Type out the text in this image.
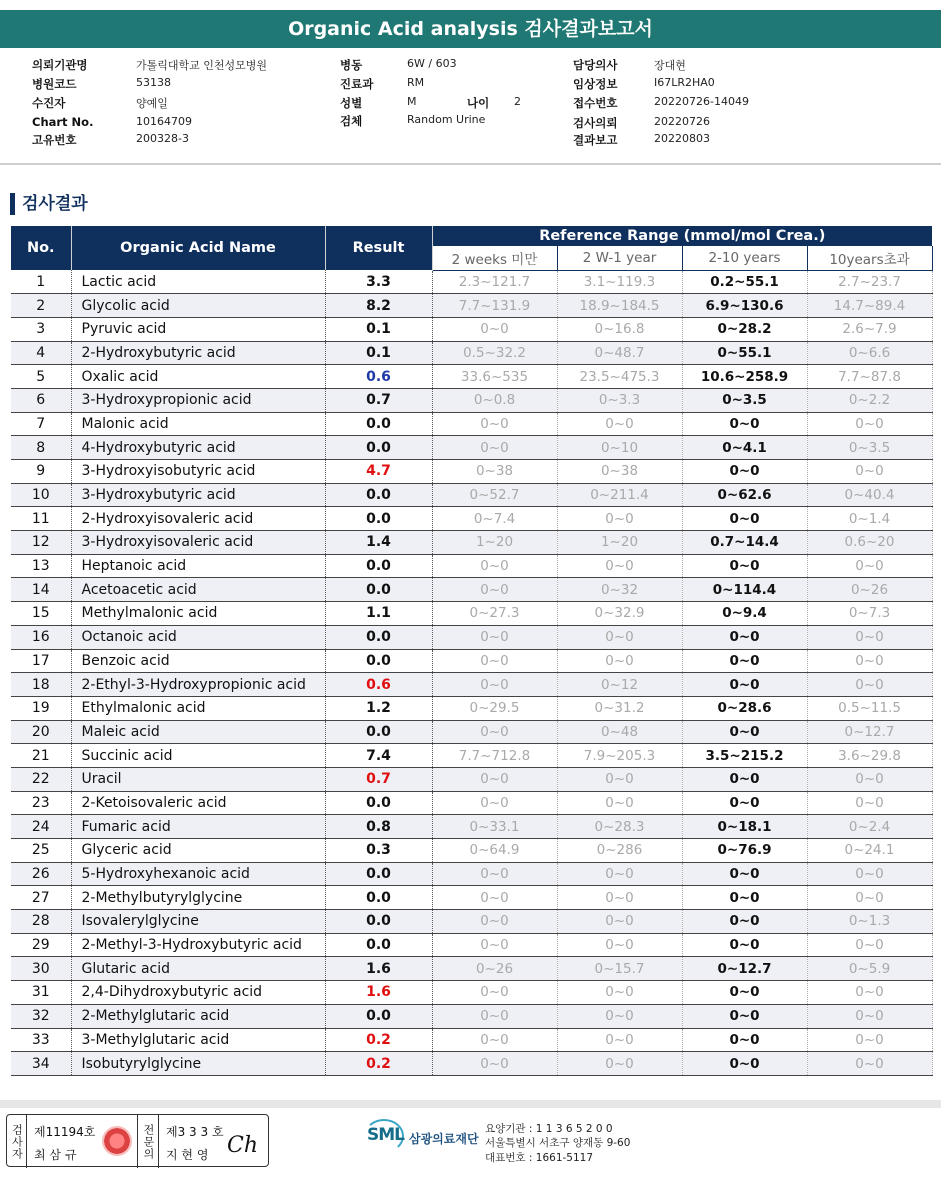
Organic Acid analysis 검사결과보고서
의뢰기관명	가톨릭대학교 인천성모병원	병동	6W / 603	담당의사	장대현
병원코드	53138	진료과	RM	임상정보	I67LR2HA0
수진자	양예일	성별	M	나이 2	접수번호	20220726-14049
Chart No.	10164709	검체	Random Urine	검사의뢰	20220726
고유번호	200328-3	결과보고	20220803
검사결과
No.	Organic Acid Name	Result	Reference Range (mmol/mol Crea.)			
			2 weeks 미만	2 W-1 year	2-10 years	10years초과
1	Lactic acid	3.3	2.3~121.7	3.1~119.3	0.2~55.1	2.7~23.7
2	Glycolic acid	8.2	7.7~131.9	18.9~184.5	6.9~130.6	14.7~89.4
3	Pyruvic acid	0.1	0~0	0~16.8	0~28.2	2.6~7.9
4	2-Hydroxybutyric acid	0.1	0.5~32.2	0~48.7	0~55.1	0~6.6
5	Oxalic acid	0.6	33.6~535	23.5~475.3	10.6~258.9	7.7~87.8
6	3-Hydroxypropionic acid	0.7	0~0.8	0~3.3	0~3.5	0~2.2
7	Malonic acid	0.0	0~0	0~0	0~0	0~0
8	4-Hydroxybutyric acid	0.0	0~0	0~10	0~4.1	0~3.5
9	3-Hydroxyisobutyric acid	4.7	0~38	0~38	0~0	0~0
10	3-Hydroxybutyric acid	0.0	0~52.7	0~211.4	0~62.6	0~40.4
11	2-Hydroxyisovaleric acid	0.0	0~7.4	0~0	0~0	0~1.4
12	3-Hydroxyisovaleric acid	1.4	1~20	1~20	0.7~14.4	0.6~20
13	Heptanoic acid	0.0	0~0	0~0	0~0	0~0
14	Acetoacetic acid	0.0	0~0	0~32	0~114.4	0~26
15	Methylmalonic acid	1.1	0~27.3	0~32.9	0~9.4	0~7.3
16	Octanoic acid	0.0	0~0	0~0	0~0	0~0
17	Benzoic acid	0.0	0~0	0~0	0~0	0~0
18	2-Ethyl-3-Hydroxypropionic acid	0.6	0~0	0~12	0~0	0~0
19	Ethylmalonic acid	1.2	0~29.5	0~31.2	0~28.6	0.5~11.5
20	Maleic acid	0.0	0~0	0~48	0~0	0~12.7
21	Succinic acid	7.4	7.7~712.8	7.9~205.3	3.5~215.2	3.6~29.8
22	Uracil	0.7	0~0	0~0	0~0	0~0
23	2-Ketoisovaleric acid	0.0	0~0	0~0	0~0	0~0
24	Fumaric acid	0.8	0~33.1	0~28.3	0~18.1	0~2.4
25	Glyceric acid	0.3	0~64.9	0~286	0~76.9	0~24.1
26	5-Hydroxyhexanoic acid	0.0	0~0	0~0	0~0	0~0
27	2-Methylbutyrylglycine	0.0	0~0	0~0	0~0	0~0
28	Isovalerylglycine	0.0	0~0	0~0	0~0	0~1.3
29	2-Methyl-3-Hydroxybutyric acid	0.0	0~0	0~0	0~0	0~0
30	Glutaric acid	1.6	0~26	0~15.7	0~12.7	0~5.9
31	2,4-Dihydroxybutyric acid	1.6	0~0	0~0	0~0	0~0
32	2-Methylglutaric acid	0.0	0~0	0~0	0~0	0~0
33	3-Methylglutaric acid	0.2	0~0	0~0	0~0	0~0
34	Isobutyrylglycine	0.2	0~0	0~0	0~0	0~0
검사자 제11194호
최 삼 규	전문의 제3 3 3 호
지 현 영 Ch	SML 삼광의료재단
요양기관 : 1 1 3 6 5 2 0 0
서울특별시 서초구 양재동 9-60
대표번호 : 1661-5117
